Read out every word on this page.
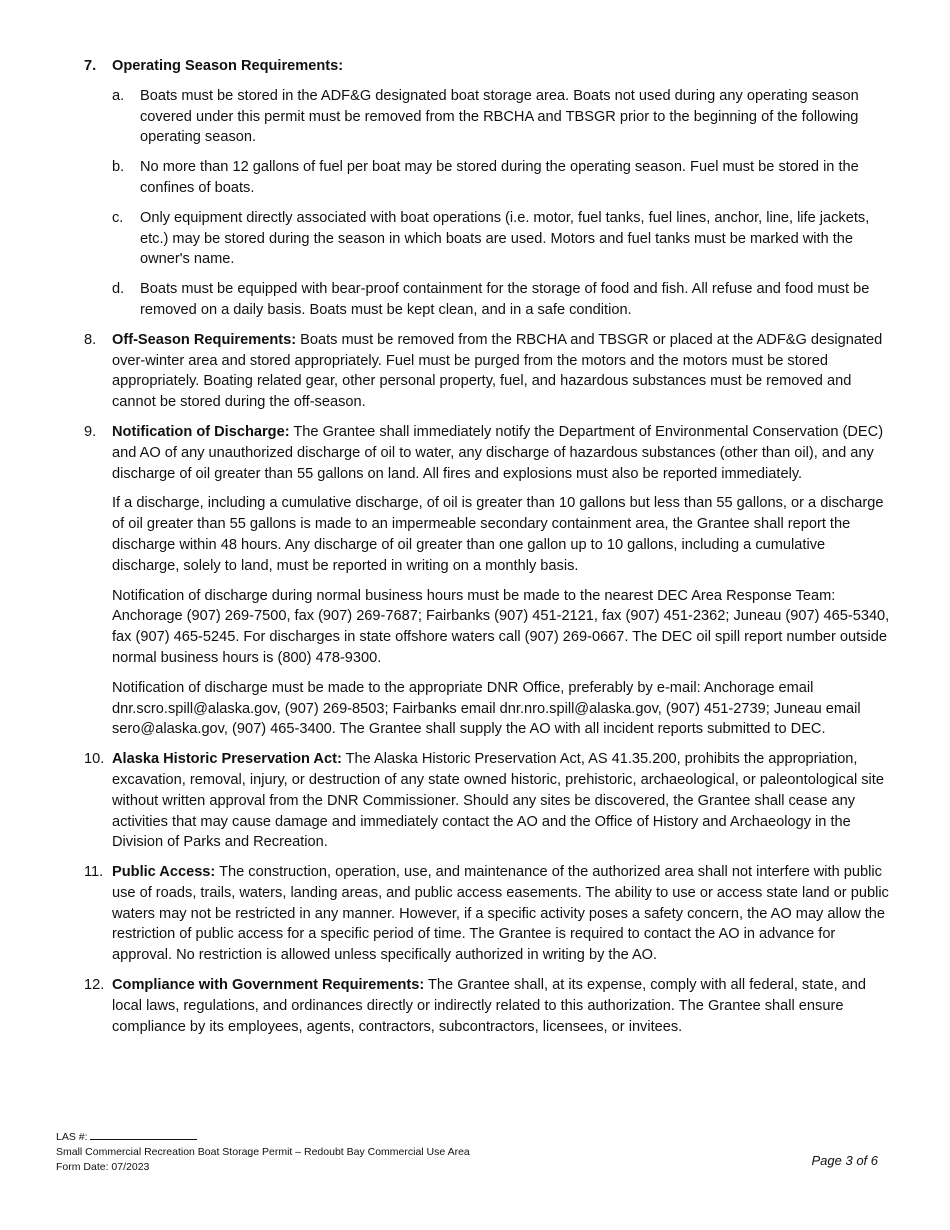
7.	Operating Season Requirements:
a. Boats must be stored in the ADF&G designated boat storage area. Boats not used during any operating season covered under this permit must be removed from the RBCHA and TBSGR prior to the beginning of the following operating season.
b. No more than 12 gallons of fuel per boat may be stored during the operating season. Fuel must be stored in the confines of boats.
c. Only equipment directly associated with boat operations (i.e. motor, fuel tanks, fuel lines, anchor, line, life jackets, etc.) may be stored during the season in which boats are used. Motors and fuel tanks must be marked with the owner's name.
d. Boats must be equipped with bear-proof containment for the storage of food and fish. All refuse and food must be removed on a daily basis. Boats must be kept clean, and in a safe condition.
8.	Off-Season Requirements: Boats must be removed from the RBCHA and TBSGR or placed at the ADF&G designated over-winter area and stored appropriately. Fuel must be purged from the motors and the motors must be stored appropriately. Boating related gear, other personal property, fuel, and hazardous substances must be removed and cannot be stored during the off-season.

9.	Notification of Discharge: The Grantee shall immediately notify the Department of Environmental Conservation (DEC) and AO of any unauthorized discharge of oil to water, any discharge of hazardous substances (other than oil), and any discharge of oil greater than 55 gallons on land. All fires and explosions must also be reported immediately.

If a discharge, including a cumulative discharge, of oil is greater than 10 gallons but less than 55 gallons, or a discharge of oil greater than 55 gallons is made to an impermeable secondary containment area, the Grantee shall report the discharge within 48 hours. Any discharge of oil greater than one gallon up to 10 gallons, including a cumulative discharge, solely to land, must be reported in writing on a monthly basis.

Notification of discharge during normal business hours must be made to the nearest DEC Area Response Team: Anchorage (907) 269-7500, fax (907) 269-7687; Fairbanks (907) 451-2121, fax (907) 451-2362; Juneau (907) 465-5340, fax (907) 465-5245. For discharges in state offshore waters call (907) 269-0667. The DEC oil spill report number outside normal business hours is (800) 478-9300.

Notification of discharge must be made to the appropriate DNR Office, preferably by e-mail: Anchorage email dnr.scro.spill@alaska.gov, (907) 269-8503; Fairbanks email dnr.nro.spill@alaska.gov, (907) 451-2739; Juneau email sero@alaska.gov, (907) 465-3400. The Grantee shall supply the AO with all incident reports submitted to DEC.

10. Alaska Historic Preservation Act: The Alaska Historic Preservation Act, AS 41.35.200, prohibits the appropriation, excavation, removal, injury, or destruction of any state owned historic, prehistoric, archaeological, or paleontological site without written approval from the DNR Commissioner. Should any sites be discovered, the Grantee shall cease any activities that may cause damage and immediately contact the AO and the Office of History and Archaeology in the Division of Parks and Recreation.

11. Public Access: The construction, operation, use, and maintenance of the authorized area shall not interfere with public use of roads, trails, waters, landing areas, and public access easements. The ability to use or access state land or public waters may not be restricted in any manner. However, if a specific activity poses a safety concern, the AO may allow the restriction of public access for a specific period of time. The Grantee is required to contact the AO in advance for approval. No restriction is allowed unless specifically authorized in writing by the AO.

12. Compliance with Government Requirements: The Grantee shall, at its expense, comply with all federal, state, and local laws, regulations, and ordinances directly or indirectly related to this authorization. The Grantee shall ensure compliance by its employees, agents, contractors, subcontractors, licensees, or invitees.

LAS #:
Small Commercial Recreation Boat Storage Permit – Redoubt Bay Commercial Use Area
Form Date: 07/2023	Page 3 of 6
